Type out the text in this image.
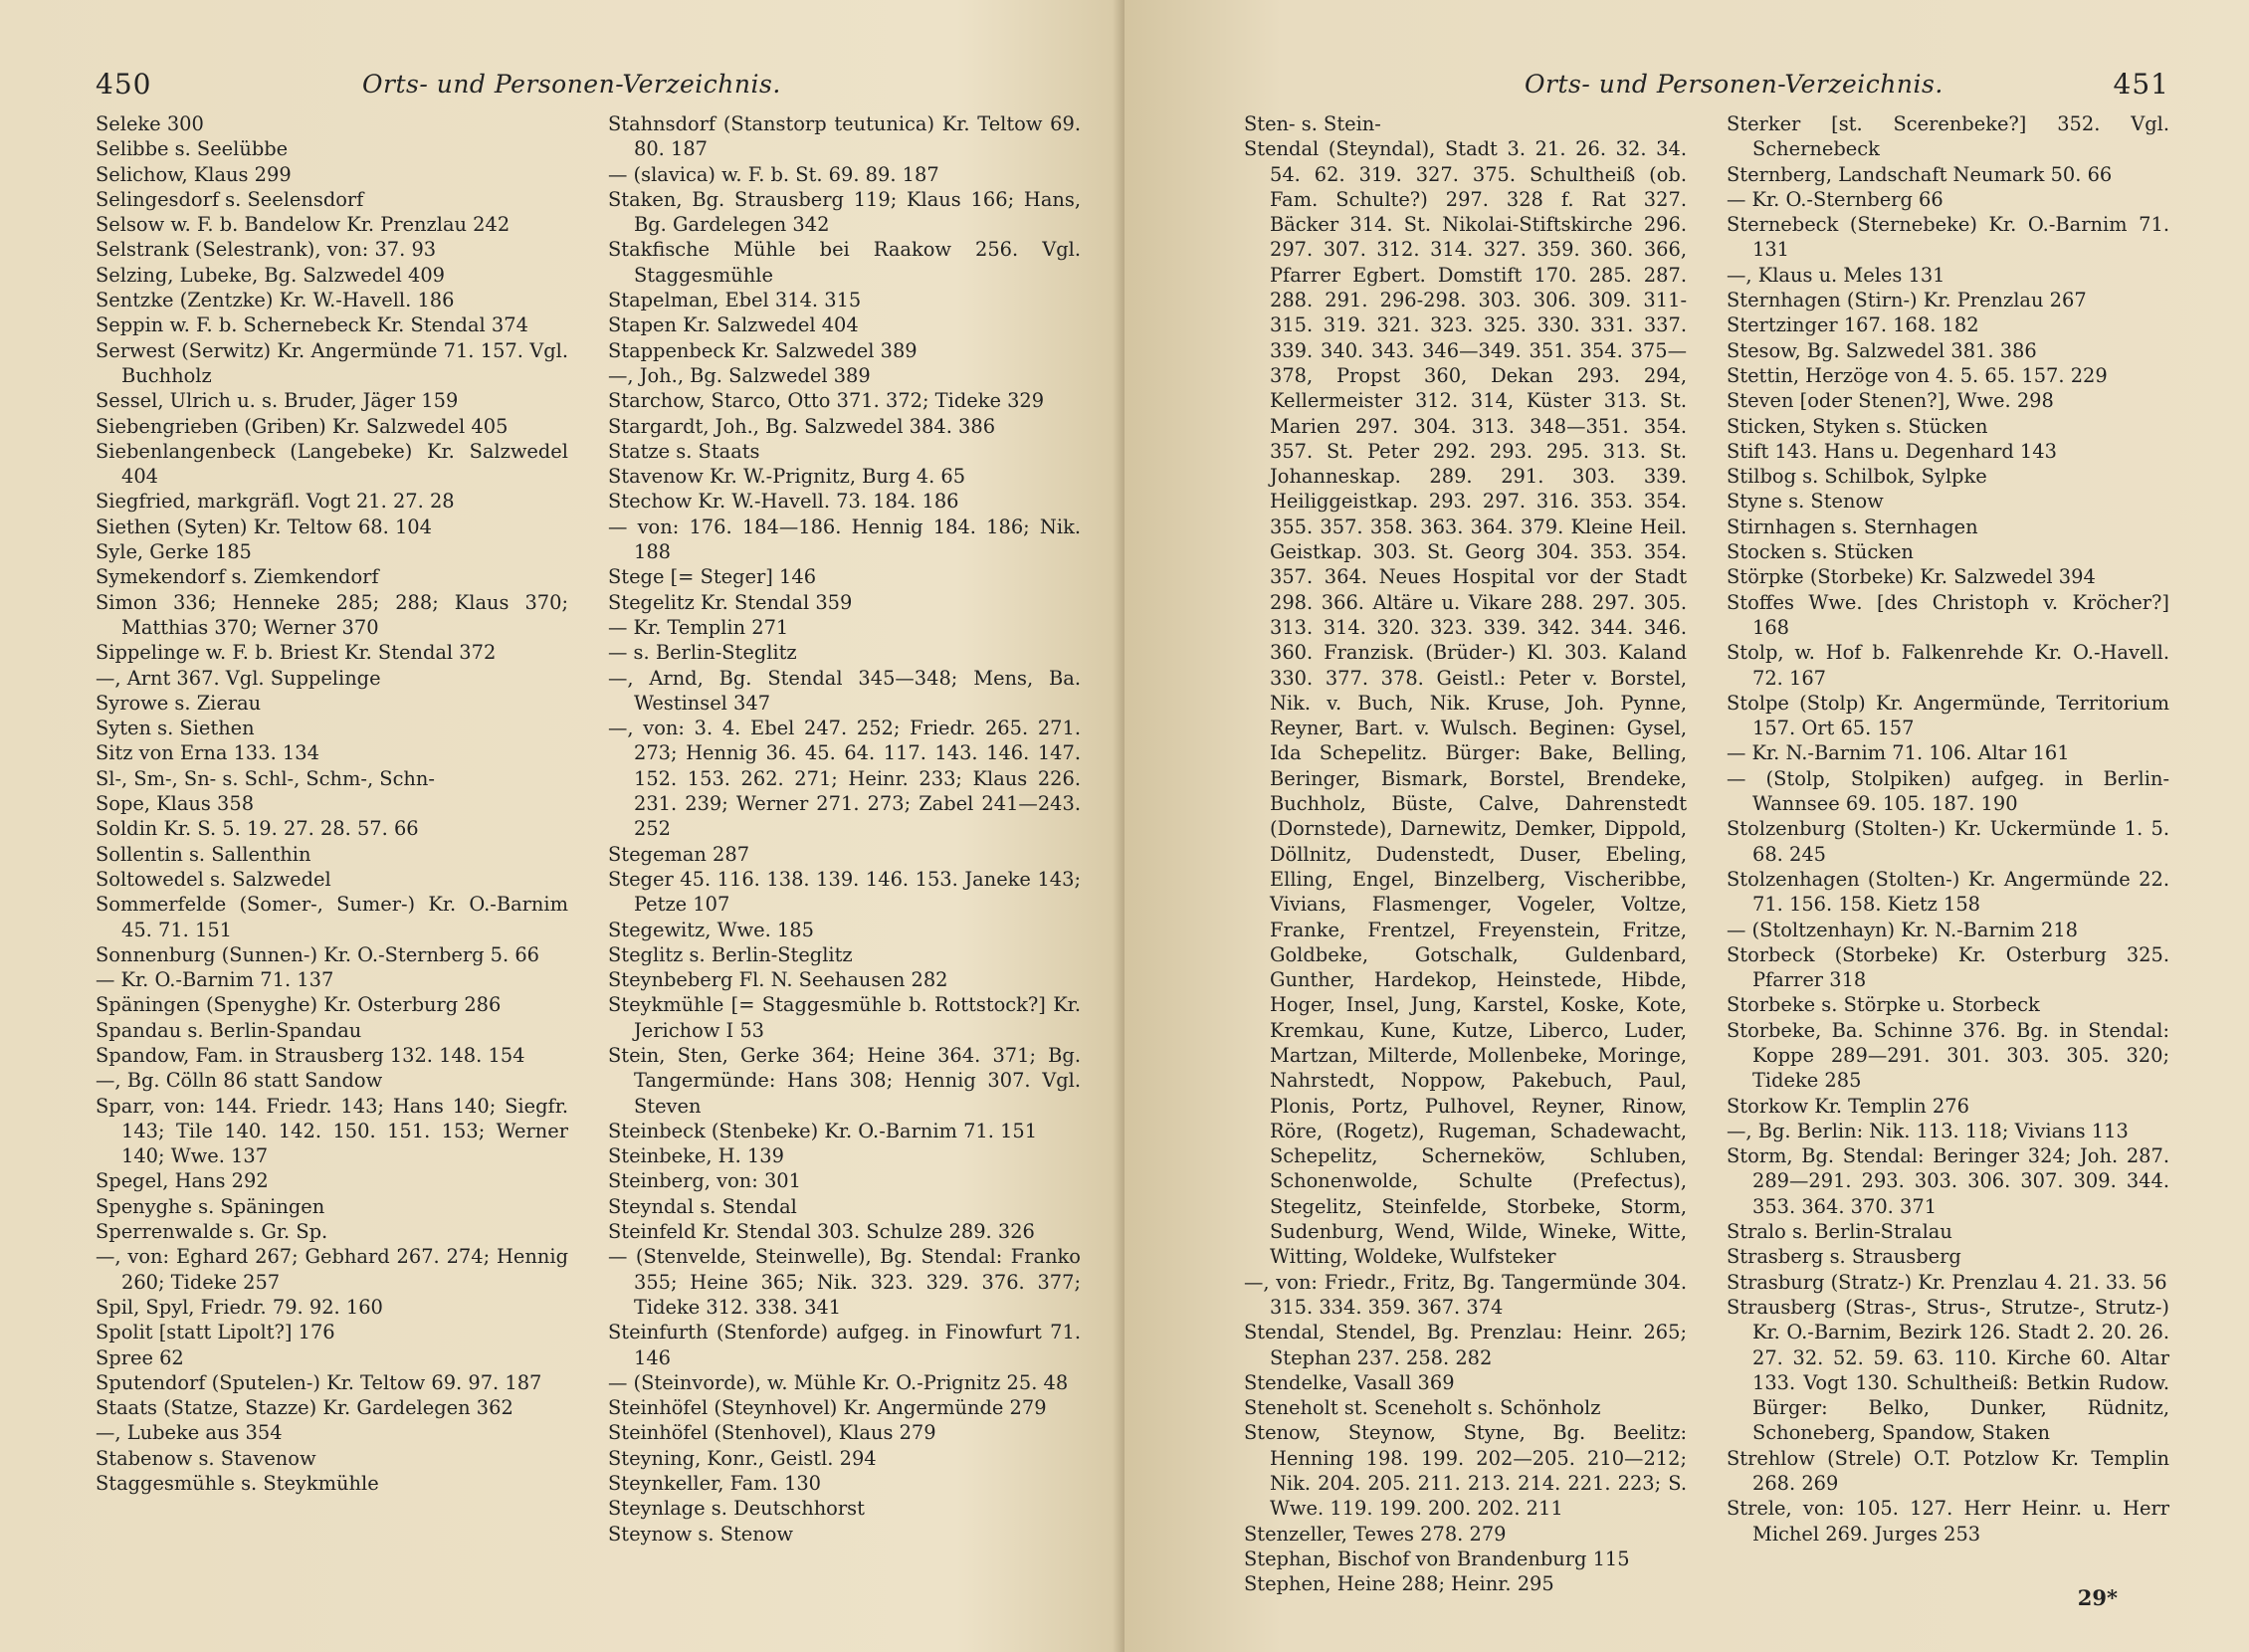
450	Orts- und Personen-Verzeichnis.
Seleke 300
Selibbe s. Seelübbe
Selichow, Klaus 299
Selingesdorf s. Seelensdorf
Selsow w. F. b. Bandelow Kr. Prenzlau 242
Selstrank (Selestrank), von: 37. 93
Selzing, Lubeke, Bg. Salzwedel 409
Sentzke (Zentzke) Kr. W.-Havell. 186
Seppin w. F. b. Schernebeck Kr. Stendal 374
Serwest (Serwitz) Kr. Angermünde 71. 157. Vgl. Buchholz
Sessel, Ulrich u. s. Bruder, Jäger 159
Siebengrieben (Griben) Kr. Salzwedel 405
Siebenlangenbeck (Langebeke) Kr. Salzwedel 404
Siegfried, markgräfl. Vogt 21. 27. 28
Siethen (Syten) Kr. Teltow 68. 104
Syle, Gerke 185
Symekendorf s. Ziemkendorf
Simon 336; Henneke 285; 288; Klaus 370; Matthias 370; Werner 370
Sippelinge w. F. b. Briest Kr. Stendal 372
—, Arnt 367. Vgl. Suppelinge
Syrowe s. Zierau
Syten s. Siethen
Sitz von Erna 133. 134
Sl-, Sm-, Sn- s. Schl-, Schm-, Schn-
Sope, Klaus 358
Soldin Kr. S. 5. 19. 27. 28. 57. 66
Sollentin s. Sallenthin
Soltowedel s. Salzwedel
Sommerfelde (Somer-, Sumer-) Kr. O.-Barnim 45. 71. 151
Sonnenburg (Sunnen-) Kr. O.-Sternberg 5. 66
— Kr. O.-Barnim 71. 137
Späningen (Spenyghe) Kr. Osterburg 286
Spandau s. Berlin-Spandau
Spandow, Fam. in Strausberg 132. 148. 154
—, Bg. Cölln 86 statt Sandow
Sparr, von: 144. Friedr. 143; Hans 140; Siegfr. 143; Tile 140. 142. 150. 151. 153; Werner 140; Wwe. 137
Spegel, Hans 292
Spenyghe s. Späningen
Sperrenwalde s. Gr. Sp.
—, von: Eghard 267; Gebhard 267. 274; Hennig 260; Tideke 257
Spil, Spyl, Friedr. 79. 92. 160
Spolit [statt Lipolt?] 176
Spree 62
Sputendorf (Sputelen-) Kr. Teltow 69. 97. 187
Staats (Statze, Stazze) Kr. Gardelegen 362
—, Lubeke aus 354
Stabenow s. Stavenow
Staggesmühle s. Steykmühle
Stahnsdorf (Stanstorp teutunica) Kr. Teltow 69. 80. 187
— (slavica) w. F. b. St. 69. 89. 187
Staken, Bg. Strausberg 119; Klaus 166; Hans, Bg. Gardelegen 342
Stakfische Mühle bei Raakow 256. Vgl. Staggesmühle
Stapelman, Ebel 314. 315
Stapen Kr. Salzwedel 404
Stappenbeck Kr. Salzwedel 389
—, Joh., Bg. Salzwedel 389
Starchow, Starco, Otto 371. 372; Tideke 329
Stargardt, Joh., Bg. Salzwedel 384. 386
Statze s. Staats
Stavenow Kr. W.-Prignitz, Burg 4. 65
Stechow Kr. W.-Havell. 73. 184. 186
— von: 176. 184—186. Hennig 184. 186; Nik. 188
Stege [= Steger] 146
Stegelitz Kr. Stendal 359
— Kr. Templin 271
— s. Berlin-Steglitz
—, Arnd, Bg. Stendal 345—348; Mens, Ba. Westinsel 347
—, von: 3. 4. Ebel 247. 252; Friedr. 265. 271. 273; Hennig 36. 45. 64. 117. 143. 146. 147. 152. 153. 262. 271; Heinr. 233; Klaus 226. 231. 239; Werner 271. 273; Zabel 241—243. 252
Stegeman 287
Steger 45. 116. 138. 139. 146. 153. Janeke 143; Petze 107
Stegewitz, Wwe. 185
Steglitz s. Berlin-Steglitz
Steynbeberg Fl. N. Seehausen 282
Steykmühle [= Staggesmühle b. Rottstock?] Kr. Jerichow I 53
Stein, Sten, Gerke 364; Heine 364. 371; Bg. Tangermünde: Hans 308; Hennig 307. Vgl. Steven
Steinbeck (Stenbeke) Kr. O.-Barnim 71. 151
Steinbeke, H. 139
Steinberg, von: 301
Steyndal s. Stendal
Steinfeld Kr. Stendal 303. Schulze 289. 326
— (Stenvelde, Steinwelle), Bg. Stendal: Franko 355; Heine 365; Nik. 323. 329. 376. 377; Tideke 312. 338. 341
Steinfurth (Stenforde) aufgeg. in Finowfurt 71. 146
— (Steinvorde), w. Mühle Kr. O.-Prignitz 25. 48
Steinhöfel (Steynhovel) Kr. Angermünde 279
Steinhöfel (Stenhovel), Klaus 279
Steyning, Konr., Geistl. 294
Steynkeller, Fam. 130
Steynlage s. Deutschhorst
Steynow s. Stenow
Orts- und Personen-Verzeichnis.	451
Sten- s. Stein-
Stendal (Steyndal), Stadt 3. 21. 26. 32. 34. 54. 62. 319. 327. 375. Schultheiß (ob. Fam. Schulte?) 297. 328 f. Rat 327. Bäcker 314. St. Nikolai-Stiftskirche 296. 297. 307. 312. 314. 327. 359. 360. 366, Pfarrer Egbert. Domstift 170. 285. 287. 288. 291. 296-298. 303. 306. 309. 311-315. 319. 321. 323. 325. 330. 331. 337. 339. 340. 343. 346—349. 351. 354. 375—378, Propst 360, Dekan 293. 294, Kellermeister 312. 314, Küster 313. St. Marien 297. 304. 313. 348—351. 354. 357. St. Peter 292. 293. 295. 313. St. Johanneskap. 289. 291. 303. 339. Heiliggeistkap. 293. 297. 316. 353. 354. 355. 357. 358. 363. 364. 379. Kleine Heil. Geistkap. 303. St. Georg 304. 353. 354. 357. 364. Neues Hospital vor der Stadt 298. 366. Altäre u. Vikare 288. 297. 305. 313. 314. 320. 323. 339. 342. 344. 346. 360. Franzisk. (Brüder-) Kl. 303. Kaland 330. 377. 378. Geistl.: Peter v. Borstel, Nik. v. Buch, Nik. Kruse, Joh. Pynne, Reyner, Bart. v. Wulsch. Beginen: Gysel, Ida Schepelitz. Bürger: Bake, Belling, Beringer, Bismark, Borstel, Brendeke, Buchholz, Büste, Calve, Dahrenstedt (Dornstede), Darnewitz, Demker, Dippold, Döllnitz, Dudenstedt, Duser, Ebeling, Elling, Engel, Binzelberg, Vischeribbe, Vivians, Flasmenger, Vogeler, Voltze, Franke, Frentzel, Freyenstein, Fritze, Goldbeke, Gotschalk, Guldenbard, Gunther, Hardekop, Heinstede, Hibde, Hoger, Insel, Jung, Karstel, Koske, Kote, Kremkau, Kune, Kutze, Liberco, Luder, Martzan, Milterde, Mollenbeke, Moringe, Nahrstedt, Noppow, Pakebuch, Paul, Plonis, Portz, Pulhovel, Reyner, Rinow, Röre, (Rogetz), Rugeman, Schadewacht, Schepelitz, Scherneköw, Schluben, Schonenwolde, Schulte (Prefectus), Stegelitz, Steinfelde, Storbeke, Storm, Sudenburg, Wend, Wilde, Wineke, Witte, Witting, Woldeke, Wulfsteker
—, von: Friedr., Fritz, Bg. Tangermünde 304. 315. 334. 359. 367. 374
Stendal, Stendel, Bg. Prenzlau: Heinr. 265; Stephan 237. 258. 282
Stendelke, Vasall 369
Steneholt st. Sceneholt s. Schönholz
Stenow, Steynow, Styne, Bg. Beelitz: Henning 198. 199. 202—205. 210—212; Nik. 204. 205. 211. 213. 214. 221. 223; S. Wwe. 119. 199. 200. 202. 211
Stenzeller, Tewes 278. 279
Stephan, Bischof von Brandenburg 115
Stephen, Heine 288; Heinr. 295
Sterker [st. Scerenbeke?] 352. Vgl. Schernebeck
Sternberg, Landschaft Neumark 50. 66
— Kr. O.-Sternberg 66
Sternebeck (Sternebeke) Kr. O.-Barnim 71. 131
—, Klaus u. Meles 131
Sternhagen (Stirn-) Kr. Prenzlau 267
Stertzinger 167. 168. 182
Stesow, Bg. Salzwedel 381. 386
Stettin, Herzöge von 4. 5. 65. 157. 229
Steven [oder Stenen?], Wwe. 298
Sticken, Styken s. Stücken
Stift 143. Hans u. Degenhard 143
Stilbog s. Schilbok, Sylpke
Styne s. Stenow
Stirnhagen s. Sternhagen
Stocken s. Stücken
Störpke (Storbeke) Kr. Salzwedel 394
Stoffes Wwe. [des Christoph v. Kröcher?] 168
Stolp, w. Hof b. Falkenrehde Kr. O.-Havell. 72. 167
Stolpe (Stolp) Kr. Angermünde, Territorium 157. Ort 65. 157
— Kr. N.-Barnim 71. 106. Altar 161
— (Stolp, Stolpiken) aufgeg. in Berlin-Wannsee 69. 105. 187. 190
Stolzenburg (Stolten-) Kr. Uckermünde 1. 5. 68. 245
Stolzenhagen (Stolten-) Kr. Angermünde 22. 71. 156. 158. Kietz 158
— (Stoltzenhayn) Kr. N.-Barnim 218
Storbeck (Storbeke) Kr. Osterburg 325. Pfarrer 318
Storbeke s. Störpke u. Storbeck
Storbeke, Ba. Schinne 376. Bg. in Stendal: Koppe 289—291. 301. 303. 305. 320; Tideke 285
Storkow Kr. Templin 276
—, Bg. Berlin: Nik. 113. 118; Vivians 113
Storm, Bg. Stendal: Beringer 324; Joh. 287. 289—291. 293. 303. 306. 307. 309. 344. 353. 364. 370. 371
Stralo s. Berlin-Stralau
Strasberg s. Strausberg
Strasburg (Stratz-) Kr. Prenzlau 4. 21. 33. 56
Strausberg (Stras-, Strus-, Strutze-, Strutz-) Kr. O.-Barnim, Bezirk 126. Stadt 2. 20. 26. 27. 32. 52. 59. 63. 110. Kirche 60. Altar 133. Vogt 130. Schultheiß: Betkin Rudow. Bürger: Belko, Dunker, Rüdnitz, Schoneberg, Spandow, Staken
Strehlow (Strele) O.T. Potzlow Kr. Templin 268. 269
Strele, von: 105. 127. Herr Heinr. u. Herr Michel 269. Jurges 253
29*
